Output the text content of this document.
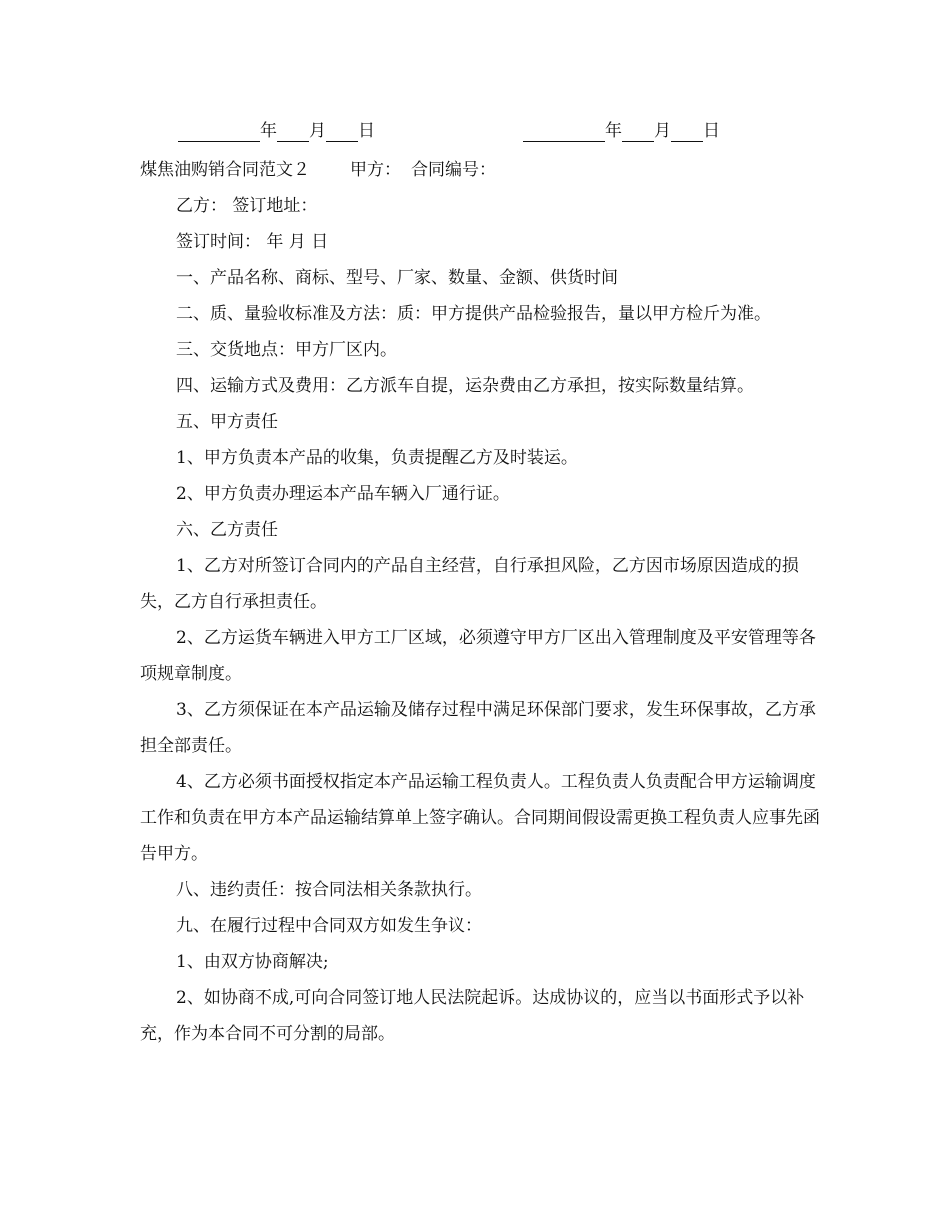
年 月 日	年 月 日

煤焦油购销合同范文２ 甲方： 合同编号：

乙方： 签订地址：

签订时间： 年 月 日

一、产品名称、商标、型号、厂家、数量、金额、供货时间

二、质、量验收标准及方法：质：甲方提供产品检验报告，量以甲方检斤为准。

三、交货地点：甲方厂区内。

四、运输方式及费用：乙方派车自提，运杂费由乙方承担，按实际数量结算。

五、甲方责任

1、甲方负责本产品的收集，负责提醒乙方及时装运。

2、甲方负责办理运本产品车辆入厂通行证。

六、乙方责任

1、乙方对所签订合同内的产品自主经营，自行承担风险，乙方因市场原因造成的损失，乙方自行承担责任。

2、乙方运货车辆进入甲方工厂区域，必须遵守甲方厂区出入管理制度及平安管理等各项规章制度。

3、乙方须保证在本产品运输及储存过程中满足环保部门要求，发生环保事故，乙方承担全部责任。

4、乙方必须书面授权指定本产品运输工程负责人。工程负责人负责配合甲方运输调度工作和负责在甲方本产品运输结算单上签字确认。合同期间假设需更换工程负责人应事先函告甲方。

八、违约责任：按合同法相关条款执行。

九、在履行过程中合同双方如发生争议：

1、由双方协商解决;

2、如协商不成,可向合同签订地人民法院起诉。达成协议的，应当以书面形式予以补充，作为本合同不可分割的局部。
